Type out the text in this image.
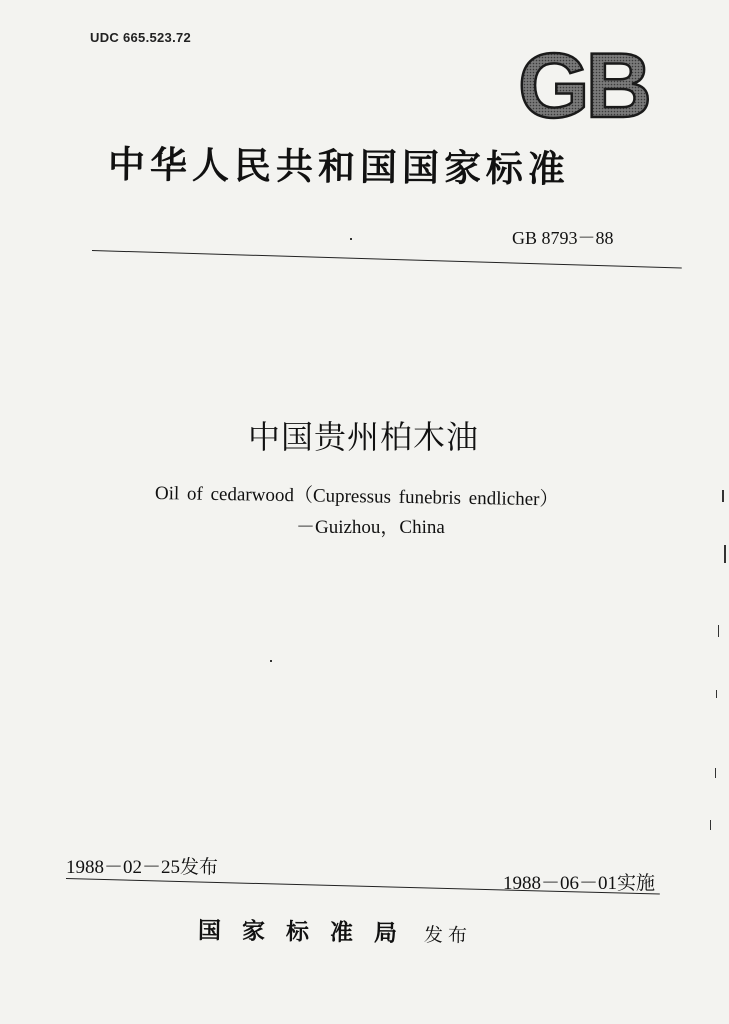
UDC 665.523.72	GB
中华人民共和国国家标准
GB 8793－88
中国贵州柏木油
Oil of cedarwood（Cupressus funebris endlicher）
－Guizhou，China
1988－02－25发布
1988－06－01实施
国家标准局 发布
